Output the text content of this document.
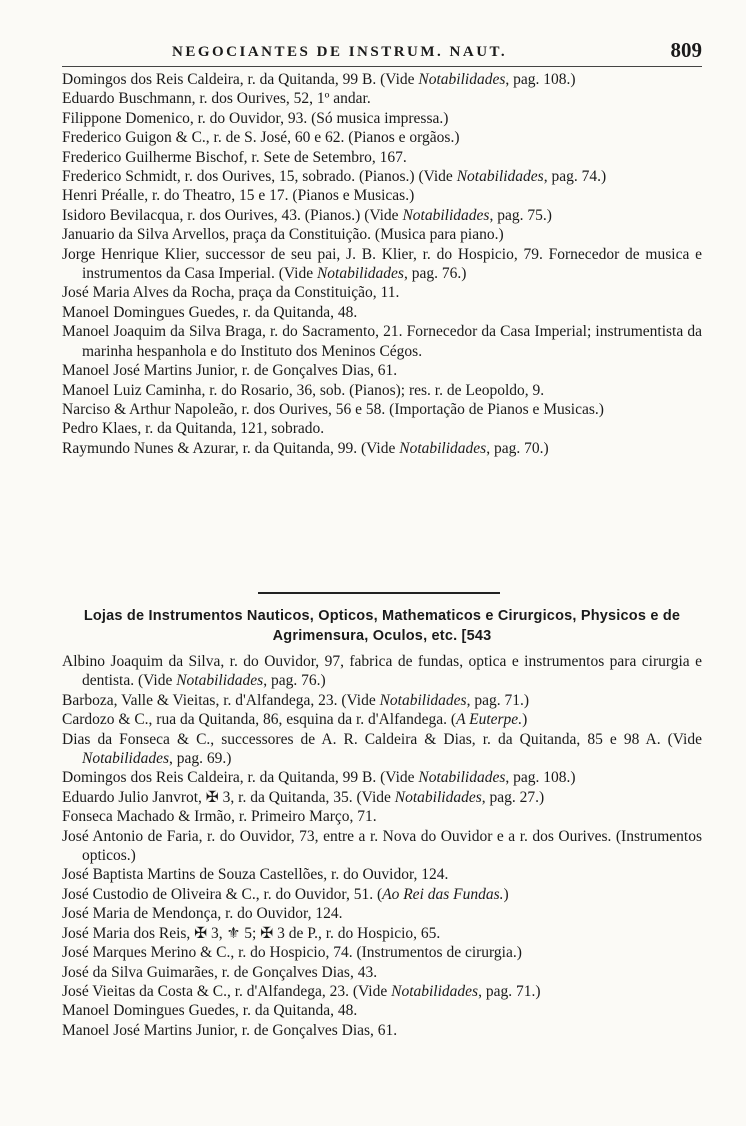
NEGOCIANTES DE INSTRUM. NAUT.	809
Domingos dos Reis Caldeira, r. da Quitanda, 99 B. (Vide Notabilidades, pag. 108.)
Eduardo Buschmann, r. dos Ourives, 52, 1º andar.
Filippone Domenico, r. do Ouvidor, 93. (Só musica impressa.)
Frederico Guigon & C., r. de S. José, 60 e 62. (Pianos e orgãos.)
Frederico Guilherme Bischof, r. Sete de Setembro, 167.
Frederico Schmidt, r. dos Ourives, 15, sobrado. (Pianos.) (Vide Notabilidades, pag. 74.)
Henri Préalle, r. do Theatro, 15 e 17. (Pianos e Musicas.)
Isidoro Bevilacqua, r. dos Ourives, 43. (Pianos.) (Vide Notabilidades, pag. 75.)
Januario da Silva Arvellos, praça da Constituição. (Musica para piano.)
Jorge Henrique Klier, successor de seu pai, J. B. Klier, r. do Hospicio, 79. Fornecedor de musica e instrumentos da Casa Imperial. (Vide Notabilidades, pag. 76.)
José Maria Alves da Rocha, praça da Constituição, 11.
Manoel Domingues Guedes, r. da Quitanda, 48.
Manoel Joaquim da Silva Braga, r. do Sacramento, 21. Fornecedor da Casa Imperial; instrumentista da marinha hespanhola e do Instituto dos Meninos Cégos.
Manoel José Martins Junior, r. de Gonçalves Dias, 61.
Manoel Luiz Caminha, r. do Rosario, 36, sob. (Pianos); res. r. de Leopoldo, 9.
Narciso & Arthur Napoleão, r. dos Ourives, 56 e 58. (Importação de Pianos e Musicas.)
Pedro Klaes, r. da Quitanda, 121, sobrado.
Raymundo Nunes & Azurar, r. da Quitanda, 99. (Vide Notabilidades, pag. 70.)
Lojas de Instrumentos Nauticos, Opticos, Mathematicos e Cirurgicos, Physicos e de Agrimensura, Oculos, etc. [543
Albino Joaquim da Silva, r. do Ouvidor, 97, fabrica de fundas, optica e instrumentos para cirurgia e dentista. (Vide Notabilidades, pag. 76.)
Barboza, Valle & Vieitas, r. d'Alfandega, 23. (Vide Notabilidades, pag. 71.)
Cardozo & C., rua da Quitanda, 86, esquina da r. d'Alfandega. (A Euterpe.)
Dias da Fonseca & C., successores de A. R. Caldeira & Dias, r. da Quitanda, 85 e 98 A. (Vide Notabilidades, pag. 69.)
Domingos dos Reis Caldeira, r. da Quitanda, 99 B. (Vide Notabilidades, pag. 108.)
Eduardo Julio Janvrot, ✠ 3, r. da Quitanda, 35. (Vide Notabilidades, pag. 27.)
Fonseca Machado & Irmão, r. Primeiro Março, 71.
José Antonio de Faria, r. do Ouvidor, 73, entre a r. Nova do Ouvidor e a r. dos Ourives. (Instrumentos opticos.)
José Baptista Martins de Souza Castellões, r. do Ouvidor, 124.
José Custodio de Oliveira & C., r. do Ouvidor, 51. (Ao Rei das Fundas.)
José Maria de Mendonça, r. do Ouvidor, 124.
José Maria dos Reis, ✠ 3, ⚜ 5; ✠ 3 de P., r. do Hospicio, 65.
José Marques Merino & C., r. do Hospicio, 74. (Instrumentos de cirurgia.)
José da Silva Guimarães, r. de Gonçalves Dias, 43.
José Vieitas da Costa & C., r. d'Alfandega, 23. (Vide Notabilidades, pag. 71.)
Manoel Domingues Guedes, r. da Quitanda, 48.
Manoel José Martins Junior, r. de Gonçalves Dias, 61.
